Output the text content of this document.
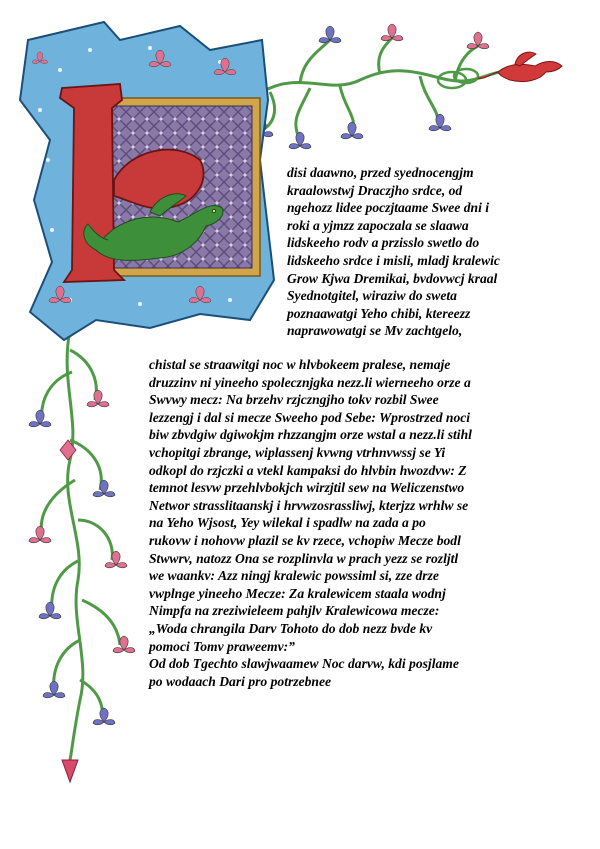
disi daawno, przed syednocengjm
kraalowstwj Draczjho srdce, od
ngehozz lidee poczjtaame Swee dni i
roki a yjmzz zapoczala se slaawa
lidskeeho rodv a przisslo swetlo do
lidskeeho srdce i misli, mladj kralewic
Grow Kjwa Dremikai, bvdovwcj kraal
Syednotgitel, wiraziw do sweta
poznaawatgi Yeho chibi, ktereezz
naprawowatgi se Mv zachtgelo,
chistal se straawitgi noc w hlvbokeem pralese, nemaje
druzzinv ni yineeho spolecznjgka nezz.li wierneeho orze a
Swvwy mecz: Na brzehv rzjczngjho tokv rozbil Swee
lezzengj i dal si mecze Sweeho pod Sebe: Wprostrzed noci
biw zbvdgiw dgiwokjm rhzzangjm orze wstal a nezz.li stihl
vchopitgi zbrange, wiplassenj kvwng vtrhnvwssj se Yi
odkopl do rzjczki a vtekl kampaksi do hlvbin hwozdvw: Z
temnot lesvw przehlvbokjch wirzjtil sew na Weliczenstwo
Networ strasslitaanskj i hrvwzosrassliwj, kterjzz wrhlw se
na Yeho Wjsost, Yey wilekal i spadlw na zada a po
rukovw i nohovw plazil se kv rzece, vchopiw Mecze bodl
Stwwrv, natozz Ona se rozplinvla w prach yezz se rozljtl
we waankv: Azz ningj kralewic powssiml si, zze drze
vwplnge yineeho Mecze: Za kralewicem staala wodnj
Nimpfa na zreziwieleem pahjlv Kralewicowa mecze:
„Woda chrangila Darv Tohoto do dob nezz bvde kv
pomoci Tomv praweemv:”
Od dob Tgechto slawjwaamew Noc darvw, kdi posjlame
po wodaach Dari pro potrzebnee
